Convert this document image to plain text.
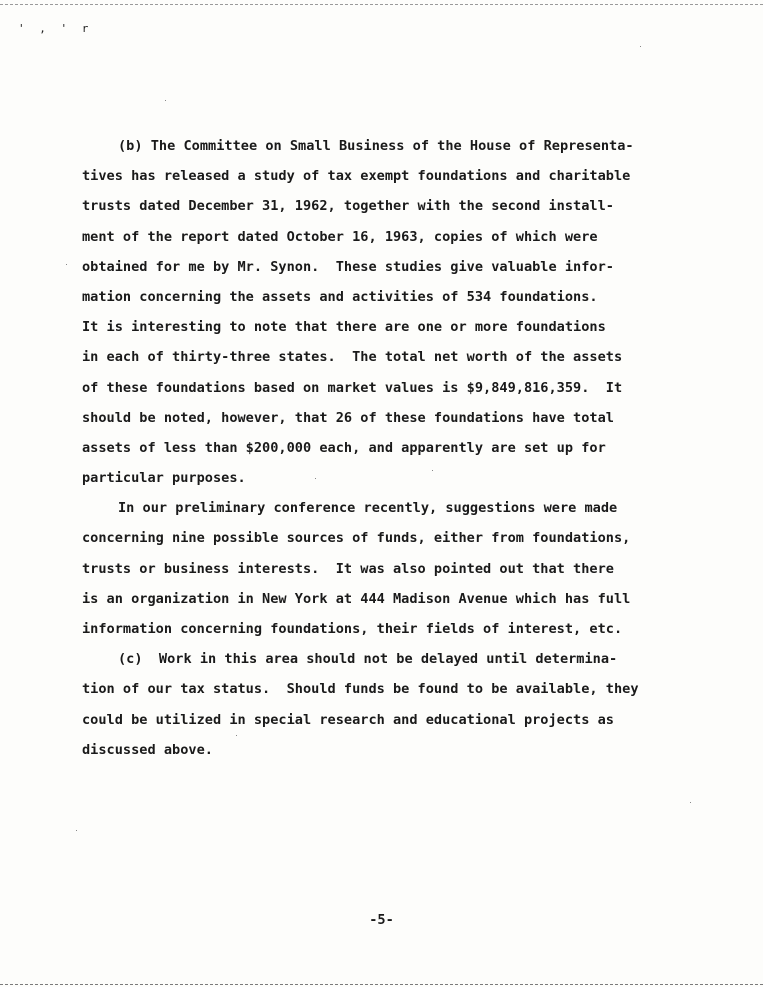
' , ' r
(b) The Committee on Small Business of the House of Representa-
tives has released a study of tax exempt foundations and charitable
trusts dated December 31, 1962, together with the second install-
ment of the report dated October 16, 1963, copies of which were
obtained for me by Mr. Synon.  These studies give valuable infor-
mation concerning the assets and activities of 534 foundations.
It is interesting to note that there are one or more foundations
in each of thirty-three states.  The total net worth of the assets
of these foundations based on market values is $9,849,816,359.  It
should be noted, however, that 26 of these foundations have total
assets of less than $200,000 each, and apparently are set up for
particular purposes.
In our preliminary conference recently, suggestions were made
concerning nine possible sources of funds, either from foundations,
trusts or business interests.  It was also pointed out that there
is an organization in New York at 444 Madison Avenue which has full
information concerning foundations, their fields of interest, etc.
(c)  Work in this area should not be delayed until determina-
tion of our tax status.  Should funds be found to be available, they
could be utilized in special research and educational projects as
discussed above.
-5-
